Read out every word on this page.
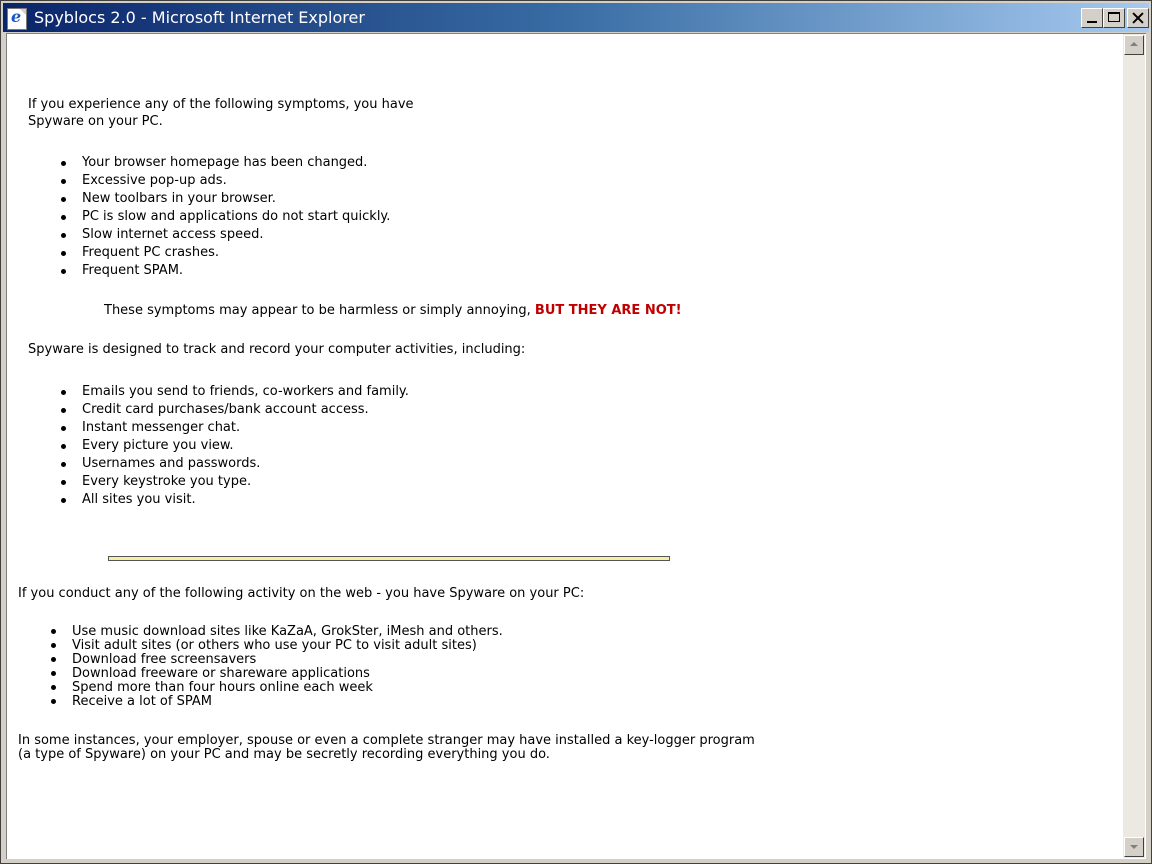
e
Spyblocs 2.0 - Microsoft Internet Explorer

If you experience any of the following symptoms, you have Spyware on your PC.

Your browser homepage has been changed.
Excessive pop-up ads.
New toolbars in your browser.
PC is slow and applications do not start quickly.
Slow internet access speed.
Frequent PC crashes.
Frequent SPAM.

These symptoms may appear to be harmless or simply annoying, BUT THEY ARE NOT!

Spyware is designed to track and record your computer activities, including:

Emails you send to friends, co-workers and family.
Credit card purchases/bank account access.
Instant messenger chat.
Every picture you view.
Usernames and passwords.
Every keystroke you type.
All sites you visit.

If you conduct any of the following activity on the web - you have Spyware on your PC:

Use music download sites like KaZaA, GrokSter, iMesh and others.
Visit adult sites (or others who use your PC to visit adult sites)
Download free screensavers
Download freeware or shareware applications
Spend more than four hours online each week
Receive a lot of SPAM

In some instances, your employer, spouse or even a complete stranger may have installed a key-logger program (a type of Spyware) on your PC and may be secretly recording everything you do.
